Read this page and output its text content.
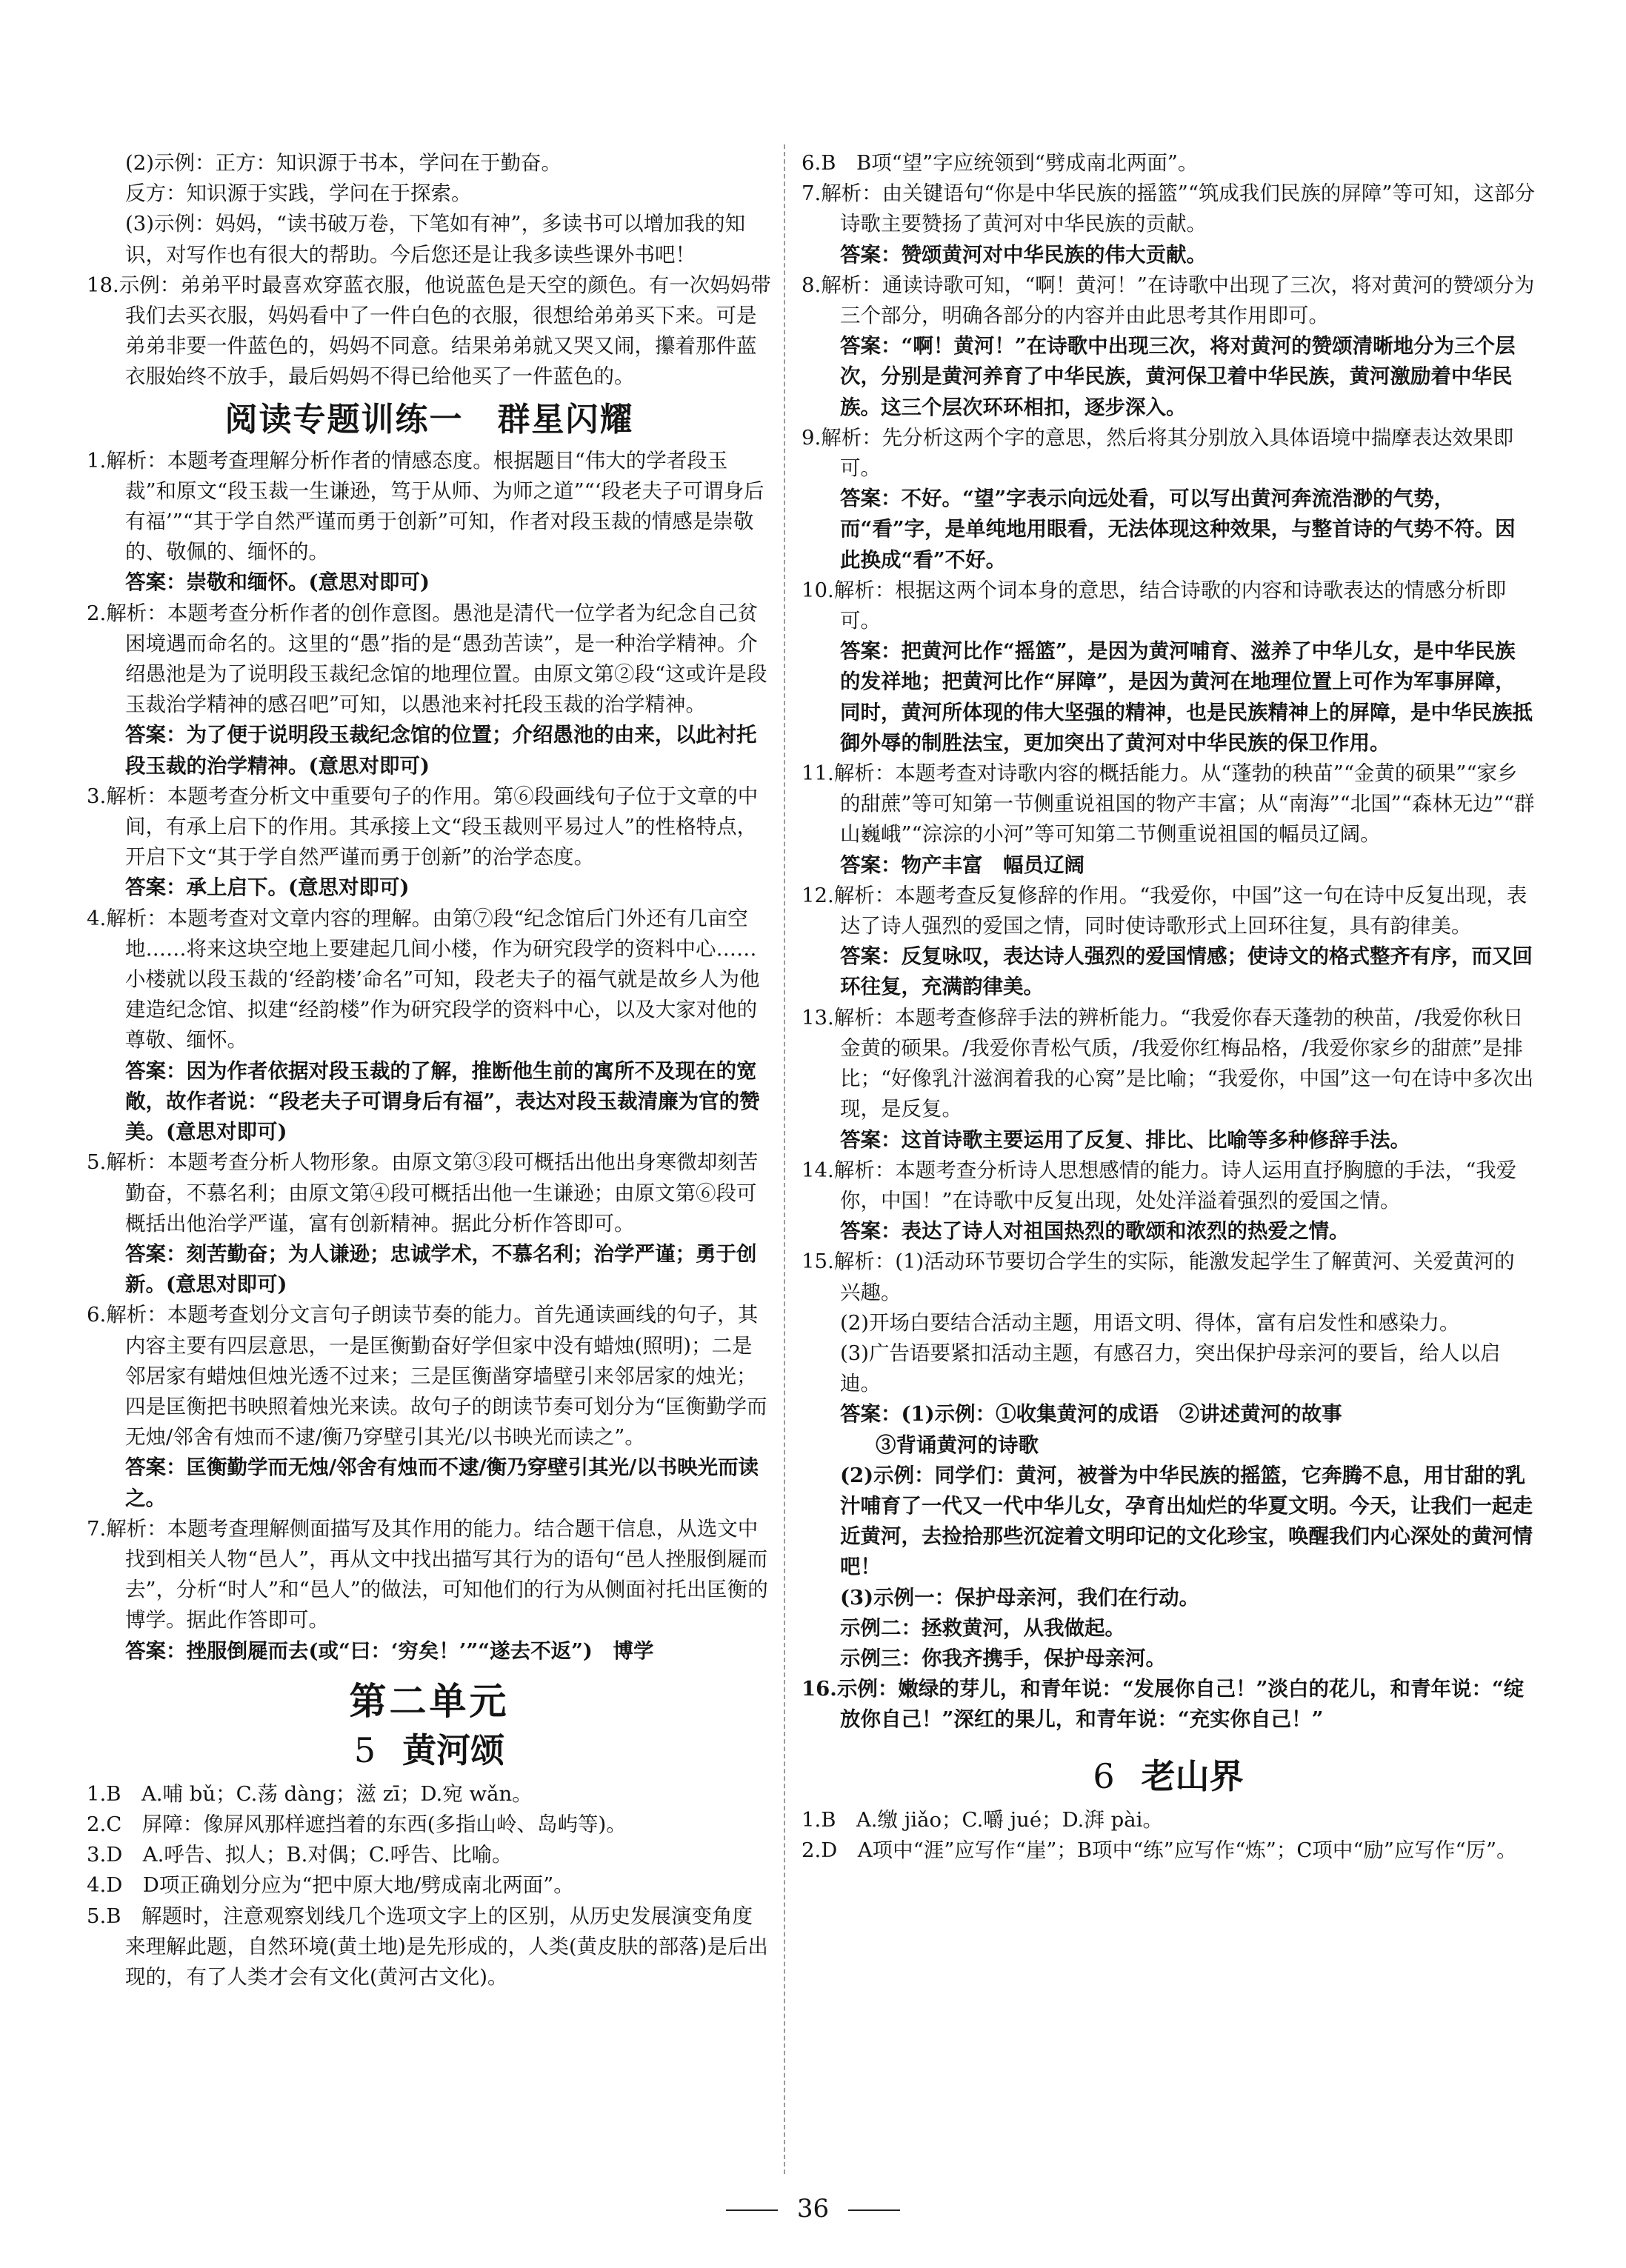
(2)示例：正方：知识源于书本，学问在于勤奋。

反方：知识源于实践，学问在于探索。

(3)示例：妈妈，“读书破万卷，下笔如有神”，多读书可以增加我的知识，对写作也有很大的帮助。今后您还是让我多读些课外书吧！

18.示例：弟弟平时最喜欢穿蓝衣服，他说蓝色是天空的颜色。有一次妈妈带我们去买衣服，妈妈看中了一件白色的衣服，很想给弟弟买下来。可是弟弟非要一件蓝色的，妈妈不同意。结果弟弟就又哭又闹，攥着那件蓝衣服始终不放手，最后妈妈不得已给他买了一件蓝色的。

阅读专题训练一　群星闪耀

1.解析：本题考查理解分析作者的情感态度。根据题目“伟大的学者段玉裁”和原文“段玉裁一生谦逊，笃于从师、为师之道”“‘段老夫子可谓身后有福’”“其于学自然严谨而勇于创新”可知，作者对段玉裁的情感是崇敬的、敬佩的、缅怀的。

答案：崇敬和缅怀。(意思对即可)

2.解析：本题考查分析作者的创作意图。愚池是清代一位学者为纪念自己贫困境遇而命名的。这里的“愚”指的是“愚劲苦读”，是一种治学精神。介绍愚池是为了说明段玉裁纪念馆的地理位置。由原文第②段“这或许是段玉裁治学精神的感召吧”可知，以愚池来衬托段玉裁的治学精神。

答案：为了便于说明段玉裁纪念馆的位置；介绍愚池的由来，以此衬托段玉裁的治学精神。(意思对即可)

3.解析：本题考查分析文中重要句子的作用。第⑥段画线句子位于文章的中间，有承上启下的作用。其承接上文“段玉裁则平易过人”的性格特点，开启下文“其于学自然严谨而勇于创新”的治学态度。

答案：承上启下。(意思对即可)

4.解析：本题考查对文章内容的理解。由第⑦段“纪念馆后门外还有几亩空地……将来这块空地上要建起几间小楼，作为研究段学的资料中心……小楼就以段玉裁的‘经韵楼’命名”可知，段老夫子的福气就是故乡人为他建造纪念馆、拟建“经韵楼”作为研究段学的资料中心，以及大家对他的尊敬、缅怀。

答案：因为作者依据对段玉裁的了解，推断他生前的寓所不及现在的宽敞，故作者说：“段老夫子可谓身后有福”，表达对段玉裁清廉为官的赞美。(意思对即可)

5.解析：本题考查分析人物形象。由原文第③段可概括出他出身寒微却刻苦勤奋，不慕名利；由原文第④段可概括出他一生谦逊；由原文第⑥段可概括出他治学严谨，富有创新精神。据此分析作答即可。

答案：刻苦勤奋；为人谦逊；忠诚学术，不慕名利；治学严谨；勇于创新。(意思对即可)

6.解析：本题考查划分文言句子朗读节奏的能力。首先通读画线的句子，其内容主要有四层意思，一是匡衡勤奋好学但家中没有蜡烛(照明)；二是邻居家有蜡烛但烛光透不过来；三是匡衡凿穿墙壁引来邻居家的烛光；四是匡衡把书映照着烛光来读。故句子的朗读节奏可划分为“匡衡勤学而无烛/邻舍有烛而不逮/衡乃穿壁引其光/以书映光而读之”。

答案：匡衡勤学而无烛/邻舍有烛而不逮/衡乃穿壁引其光/以书映光而读之。

7.解析：本题考查理解侧面描写及其作用的能力。结合题干信息，从选文中找到相关人物“邑人”，再从文中找出描写其行为的语句“邑人挫服倒屣而去”，分析“时人”和“邑人”的做法，可知他们的行为从侧面衬托出匡衡的博学。据此作答即可。

答案：挫服倒屣而去(或“曰：‘穷矣！’”“遂去不返”)　博学

第二单元
5 黄河颂

1.B　A.哺 bǔ；C.荡 dàng；滋 zī；D.宛 wǎn。

2.C　屏障：像屏风那样遮挡着的东西(多指山岭、岛屿等)。

3.D　A.呼告、拟人；B.对偶；C.呼告、比喻。

4.D　D项正确划分应为“把中原大地/劈成南北两面”。

5.B　解题时，注意观察划线几个选项文字上的区别，从历史发展演变角度来理解此题，自然环境(黄土地)是先形成的，人类(黄皮肤的部落)是后出现的，有了人类才会有文化(黄河古文化)。

6.B　B项“望”字应统领到“劈成南北两面”。

7.解析：由关键语句“你是中华民族的摇篮”“筑成我们民族的屏障”等可知，这部分诗歌主要赞扬了黄河对中华民族的贡献。

答案：赞颂黄河对中华民族的伟大贡献。

8.解析：通读诗歌可知，“啊！黄河！”在诗歌中出现了三次，将对黄河的赞颂分为三个部分，明确各部分的内容并由此思考其作用即可。

答案：“啊！黄河！”在诗歌中出现三次，将对黄河的赞颂清晰地分为三个层次，分别是黄河养育了中华民族，黄河保卫着中华民族，黄河激励着中华民族。这三个层次环环相扣，逐步深入。

9.解析：先分析这两个字的意思，然后将其分别放入具体语境中揣摩表达效果即可。

答案：不好。“望”字表示向远处看，可以写出黄河奔流浩渺的气势，而“看”字，是单纯地用眼看，无法体现这种效果，与整首诗的气势不符。因此换成“看”不好。

10.解析：根据这两个词本身的意思，结合诗歌的内容和诗歌表达的情感分析即可。

答案：把黄河比作“摇篮”，是因为黄河哺育、滋养了中华儿女，是中华民族的发祥地；把黄河比作“屏障”，是因为黄河在地理位置上可作为军事屏障，同时，黄河所体现的伟大坚强的精神，也是民族精神上的屏障，是中华民族抵御外辱的制胜法宝，更加突出了黄河对中华民族的保卫作用。

11.解析：本题考查对诗歌内容的概括能力。从“蓬勃的秧苗”“金黄的硕果”“家乡的甜蔗”等可知第一节侧重说祖国的物产丰富；从“南海”“北国”“森林无边”“群山巍峨”“淙淙的小河”等可知第二节侧重说祖国的幅员辽阔。

答案：物产丰富　幅员辽阔

12.解析：本题考查反复修辞的作用。“我爱你，中国”这一句在诗中反复出现，表达了诗人强烈的爱国之情，同时使诗歌形式上回环往复，具有韵律美。

答案：反复咏叹，表达诗人强烈的爱国情感；使诗文的格式整齐有序，而又回环往复，充满韵律美。

13.解析：本题考查修辞手法的辨析能力。“我爱你春天蓬勃的秧苗，/我爱你秋日金黄的硕果。/我爱你青松气质，/我爱你红梅品格，/我爱你家乡的甜蔗”是排比；“好像乳汁滋润着我的心窝”是比喻；“我爱你，中国”这一句在诗中多次出现，是反复。

答案：这首诗歌主要运用了反复、排比、比喻等多种修辞手法。

14.解析：本题考查分析诗人思想感情的能力。诗人运用直抒胸臆的手法，“我爱你，中国！”在诗歌中反复出现，处处洋溢着强烈的爱国之情。

答案：表达了诗人对祖国热烈的歌颂和浓烈的热爱之情。

15.解析：(1)活动环节要切合学生的实际，能激发起学生了解黄河、关爱黄河的兴趣。

(2)开场白要结合活动主题，用语文明、得体，富有启发性和感染力。

(3)广告语要紧扣活动主题，有感召力，突出保护母亲河的要旨，给人以启迪。

答案：(1)示例：①收集黄河的成语　②讲述黄河的故事

③背诵黄河的诗歌

(2)示例：同学们：黄河，被誉为中华民族的摇篮，它奔腾不息，用甘甜的乳汁哺育了一代又一代中华儿女，孕育出灿烂的华夏文明。今天，让我们一起走近黄河，去捡拾那些沉淀着文明印记的文化珍宝，唤醒我们内心深处的黄河情吧！

(3)示例一：保护母亲河，我们在行动。

示例二：拯救黄河，从我做起。

示例三：你我齐携手，保护母亲河。

16.示例：嫩绿的芽儿，和青年说：“发展你自己！”淡白的花儿，和青年说：“绽放你自己！”深红的果儿，和青年说：“充实你自己！”

6 老山界

1.B　A.缴 jiǎo；C.嚼 jué；D.湃 pài。

2.D　A项中“涯”应写作“崖”；B项中“练”应写作“炼”；C项中“励”应写作“厉”。

36
